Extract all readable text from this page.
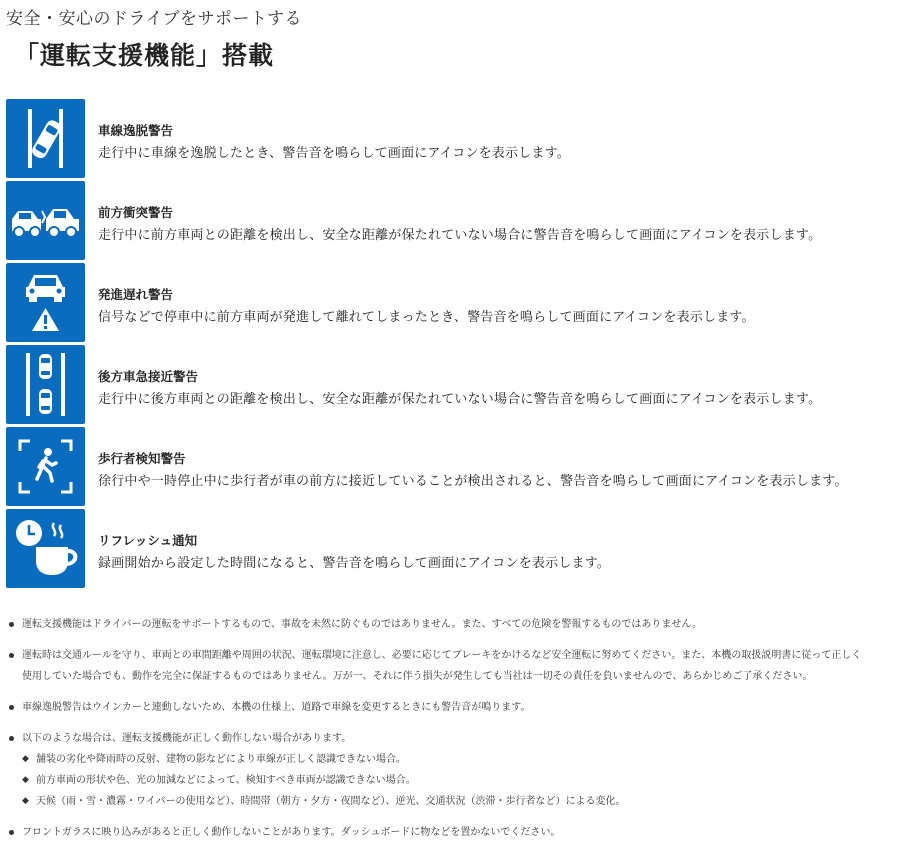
安全・安心のドライブをサポートする
「運転支援機能」搭載
車線逸脱警告
走行中に車線を逸脱したとき、警告音を鳴らして画面にアイコンを表示します。
前方衝突警告
走行中に前方車両との距離を検出し、安全な距離が保たれていない場合に警告音を鳴らして画面にアイコンを表示します。
発進遅れ警告
信号などで停車中に前方車両が発進して離れてしまったとき、警告音を鳴らして画面にアイコンを表示します。
後方車急接近警告
走行中に後方車両との距離を検出し、安全な距離が保たれていない場合に警告音を鳴らして画面にアイコンを表示します。
歩行者検知警告
徐行中や一時停止中に歩行者が車の前方に接近していることが検出されると、警告音を鳴らして画面にアイコンを表示します。
リフレッシュ通知
録画開始から設定した時間になると、警告音を鳴らして画面にアイコンを表示します。
運転支援機能はドライバーの運転をサポートするもので、事故を未然に防ぐものではありません。また、すべての危険を警報するものではありません。
運転時は交通ルールを守り、車両との車間距離や周囲の状況、運転環境に注意し、必要に応じてブレーキをかけるなど安全運転に努めてください。また、本機の取扱説明書に従って正しく
使用していた場合でも、動作を完全に保証するものではありません。万が一、それに伴う損失が発生しても当社は一切その責任を負いませんので、あらかじめご了承ください。
車線逸脱警告はウインカーと連動しないため、本機の仕様上、道路で車線を変更するときにも警告音が鳴ります。
以下のような場合は、運転支援機能が正しく動作しない場合があります。
◆ 舗装の劣化や降雨時の反射、建物の影などにより車線が正しく認識できない場合。
◆ 前方車両の形状や色、光の加減などによって、検知すべき車両が認識できない場合。
◆ 天候（雨・雪・濃霧・ワイパーの使用など）、時間帯（朝方・夕方・夜間など）、逆光、交通状況（渋滞・歩行者など）による変化。
フロントガラスに映り込みがあると正しく動作しないことがあります。ダッシュボードに物などを置かないでください。
